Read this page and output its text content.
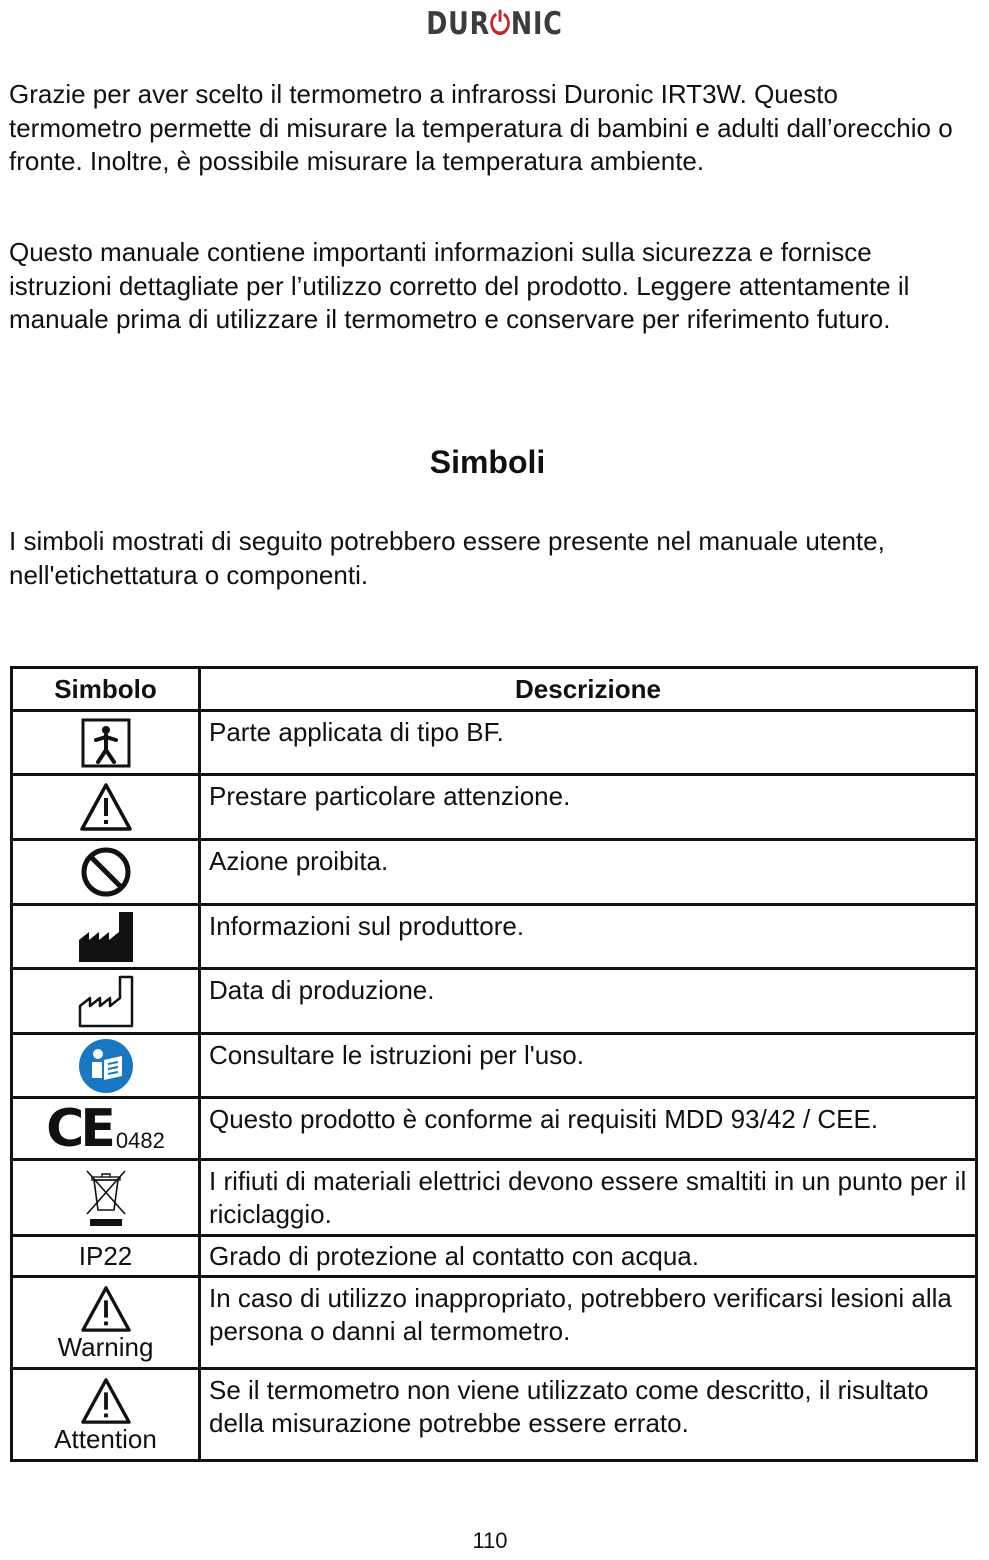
DUR⏻NIC

Grazie per aver scelto il termometro a infrarossi Duronic IRT3W. Questo termometro permette di misurare la temperatura di bambini e adulti dall’orecchio o fronte. Inoltre, è possibile misurare la temperatura ambiente.

Questo manuale contiene importanti informazioni sulla sicurezza e fornisce istruzioni dettagliate per l’utilizzo corretto del prodotto. Leggere attentamente il manuale prima di utilizzare il termometro e conservare per riferimento futuro.

Simboli

I simboli mostrati di seguito potrebbero essere presente nel manuale utente, nell'etichettatura o componenti.

Simbolo	Descrizione

	Parte applicata di tipo BF.

	Prestare particolare attenzione.

	Azione proibita.

	Informazioni sul produttore.

	Data di produzione.

	Consultare le istruzioni per l'uso.

CE 0482	Questo prodotto è conforme ai requisiti MDD 93/42 / CEE.

	I rifiuti di materiali elettrici devono essere smaltiti in un punto per il riciclaggio.
IP22	Grado di protezione al contatto con acqua.

Warning	In caso di utilizzo inappropriato, potrebbero verificarsi lesioni alla persona o danni al termometro.

Attention	Se il termometro non viene utilizzato come descritto, il risultato della misurazione potrebbe essere errato.
110
